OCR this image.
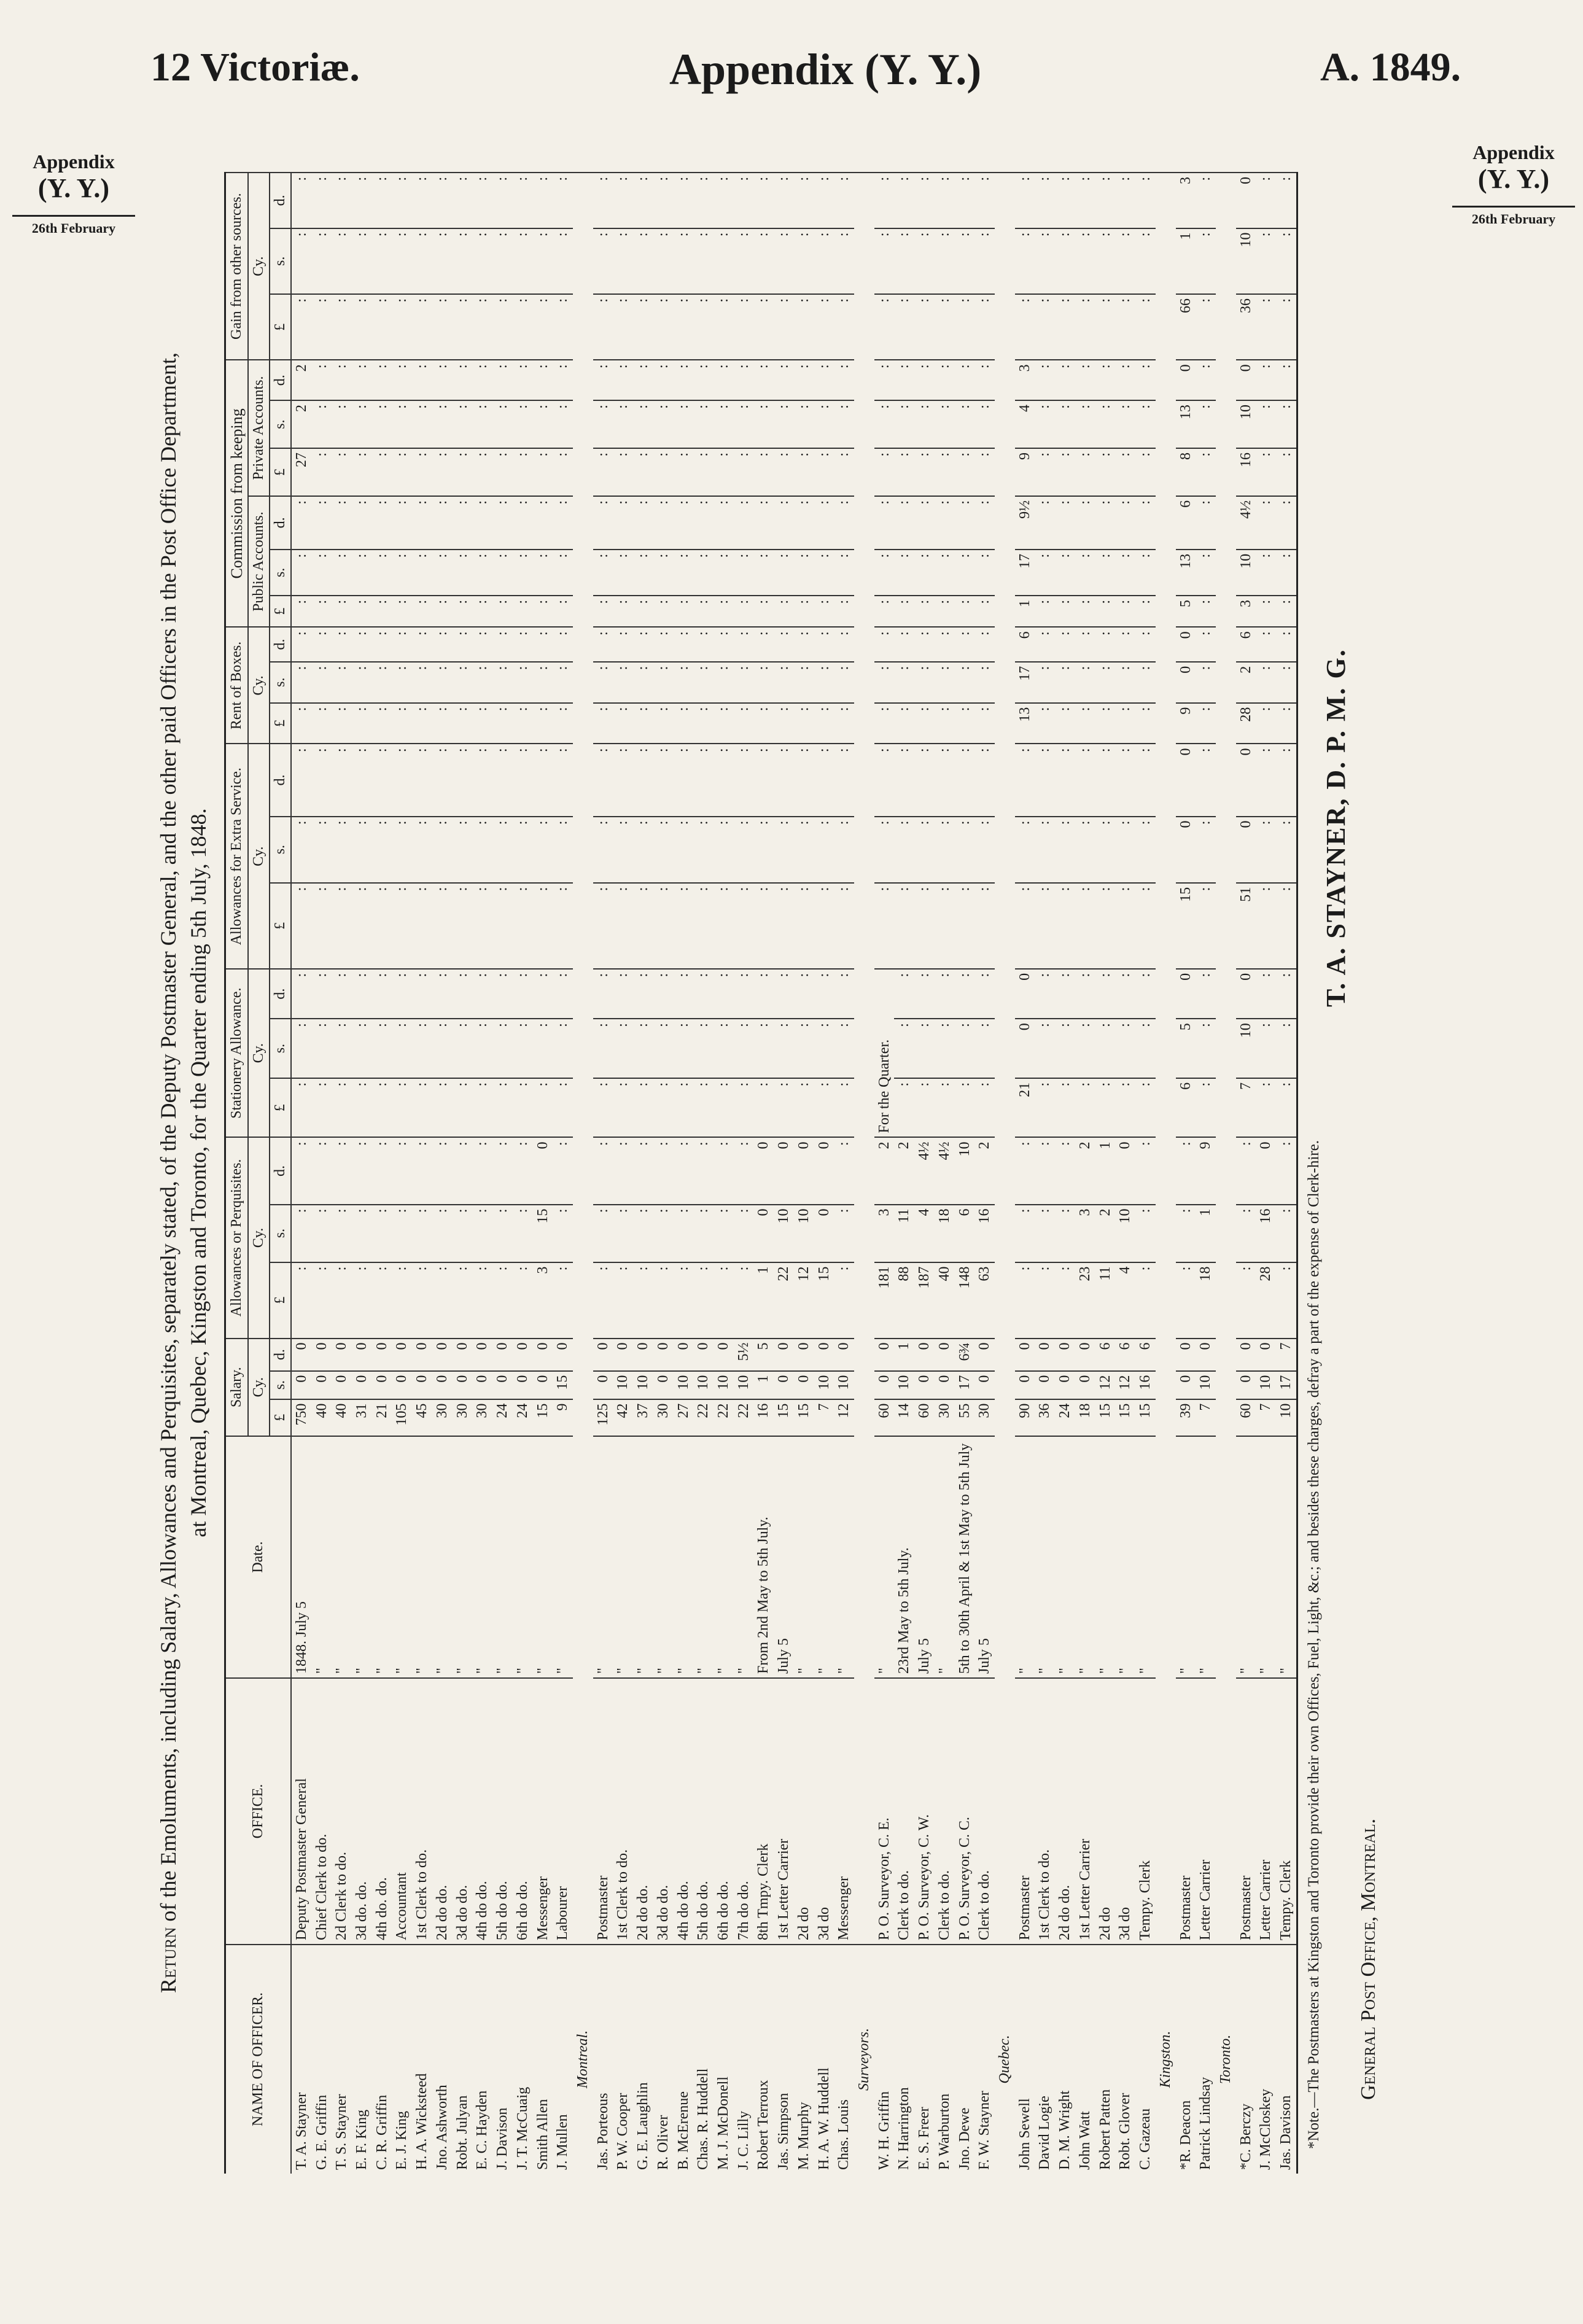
12 Victoriæ.	Appendix (Y. Y.)	A. 1849.
Appendix
(Y. Y.)
26th February
Appendix
(Y. Y.)
26th February
Return of the Emoluments, including Salary, Allowances and Perquisites, separately stated, of the Deputy Postmaster General, and the other paid Officers in the Post Office Department, at Montreal, Quebec, Kingston and Toronto, for the Quarter ending 5th July, 1848.
NAME OF OFFICER.	OFFICE.	Date.	Salary.			Allowances or Perquisites.			Stationery Allowance.			Allowances for Extra Service.			Rent of Boxes.			Commission from keeping						Gain from other sources.		
			Cy.			Cy.			Cy.			Cy.			Cy.			Public Accounts.			Private Accounts.			Cy.		
			£	s.	d.	£	s.	d.	£	s.	d.	£	s.	d.	£	s.	d.	£	s.	d.	£	s.	d.	£	s.	d.
T. A. Stayner	Deputy Postmaster General	1848. July 5	750	0	0	:	:	:	:	:	:	:	:	:	:	:	:	:	:	:	27	2	2	:	:	:
G. E. Griffin	Chief Clerk to do.	"	40	0	0	:	:	:	:	:	:	:	:	:	:	:	:	:	:	:	:	:	:	:	:	:
T. S. Stayner	2d Clerk to do.	"	40	0	0	:	:	:	:	:	:	:	:	:	:	:	:	:	:	:	:	:	:	:	:	:
E. F. King	3d do. do.	"	31	0	0	:	:	:	:	:	:	:	:	:	:	:	:	:	:	:	:	:	:	:	:	:
C. R. Griffin	4th do. do.	"	21	0	0	:	:	:	:	:	:	:	:	:	:	:	:	:	:	:	:	:	:	:	:	:
E. J. King	Accountant	"	105	0	0	:	:	:	:	:	:	:	:	:	:	:	:	:	:	:	:	:	:	:	:	:
H. A. Wicksteed	1st Clerk to do.	"	45	0	0	:	:	:	:	:	:	:	:	:	:	:	:	:	:	:	:	:	:	:	:	:
Jno. Ashworth	2d do do.	"	30	0	0	:	:	:	:	:	:	:	:	:	:	:	:	:	:	:	:	:	:	:	:	:
Robt. Julyan	3d do do.	"	30	0	0	:	:	:	:	:	:	:	:	:	:	:	:	:	:	:	:	:	:	:	:	:
E. C. Hayden	4th do do.	"	30	0	0	:	:	:	:	:	:	:	:	:	:	:	:	:	:	:	:	:	:	:	:	:
J. Davison	5th do do.	"	24	0	0	:	:	:	:	:	:	:	:	:	:	:	:	:	:	:	:	:	:	:	:	:
J. T. McCuaig	6th do do.	"	24	0	0	:	:	:	:	:	:	:	:	:	:	:	:	:	:	:	:	:	:	:	:	:
Smith Allen	Messenger	"	15	0	0	3	15	0	:	:	:	:	:	:	:	:	:	:	:	:	:	:	:	:	:	:
J. Mullen	Labourer	"	9	15	0	:	:	:	:	:	:	:	:	:	:	:	:	:	:	:	:	:	:	:	:	:
Montreal.																										
Jas. Porteous	Postmaster	"	125	0	0	:	:	:	:	:	:	:	:	:	:	:	:	:	:	:	:	:	:	:	:	:
P. W. Cooper	1st Clerk to do.	"	42	10	0	:	:	:	:	:	:	:	:	:	:	:	:	:	:	:	:	:	:	:	:	:
G. E. Laughlin	2d do do.	"	37	10	0	:	:	:	:	:	:	:	:	:	:	:	:	:	:	:	:	:	:	:	:	:
R. Oliver	3d do do.	"	30	0	0	:	:	:	:	:	:	:	:	:	:	:	:	:	:	:	:	:	:	:	:	:
B. McErenue	4th do do.	"	27	10	0	:	:	:	:	:	:	:	:	:	:	:	:	:	:	:	:	:	:	:	:	:
Chas. R. Huddell	5th do do.	"	22	10	0	:	:	:	:	:	:	:	:	:	:	:	:	:	:	:	:	:	:	:	:	:
M. J. McDonell	6th do do.	"	22	10	0	:	:	:	:	:	:	:	:	:	:	:	:	:	:	:	:	:	:	:	:	:
J. C. Lilly	7th do do.	"	22	10	5½	:	:	:	:	:	:	:	:	:	:	:	:	:	:	:	:	:	:	:	:	:
Robert Terroux	8th Tmpy. Clerk	From 2nd May to 5th July.	16	1	5	1	0	0	:	:	:	:	:	:	:	:	:	:	:	:	:	:	:	:	:	:
Jas. Simpson	1st Letter Carrier	July 5	15	0	0	22	10	0	:	:	:	:	:	:	:	:	:	:	:	:	:	:	:	:	:	:
M. Murphy	2d do	"	15	0	0	12	10	0	:	:	:	:	:	:	:	:	:	:	:	:	:	:	:	:	:	:
H. A. W. Huddell	3d do	"	7	10	0	15	0	0	:	:	:	:	:	:	:	:	:	:	:	:	:	:	:	:	:	:
Chas. Louis	Messenger	"	12	10	0	:	:	:	:	:	:	:	:	:	:	:	:	:	:	:	:	:	:	:	:	:
Surveyors.																										
W. H. Griffin	P. O. Surveyor, C. E.	"	60	0	0	181	3	2	For the Quarter.			:	:	:	:	:	:	:	:	:	:	:	:	:	:	:
N. Harrington	Clerk to do.	23rd May to 5th July.	14	10	1	88	11	2	:	:	:	:	:	:	:	:	:	:	:	:	:	:	:	:	:	:
E. S. Freer	P. O. Surveyor, C. W.	July 5	60	0	0	187	4	4½	:	:	:	:	:	:	:	:	:	:	:	:	:	:	:	:	:	:
P. Warburton	Clerk to do.	"	30	0	0	40	18	4½	:	:	:	:	:	:	:	:	:	:	:	:	:	:	:	:	:	:
Jno. Dewe	P. O. Surveyor, C. C.	5th to 30th April & 1st May to 5th July	55	17	6¾	148	6	10	:	:	:	:	:	:	:	:	:	:	:	:	:	:	:	:	:	:
F. W. Stayner	Clerk to do.	July 5	30	0	0	63	16	2	:	:	:	:	:	:	:	:	:	:	:	:	:	:	:	:	:	:
Quebec.																										
John Sewell	Postmaster	"	90	0	0	:	:	:	21	0	0	:	:	:	13	17	6	1	17	9½	9	4	3	:	:	:
David Logie	1st Clerk to do.	"	36	0	0	:	:	:	:	:	:	:	:	:	:	:	:	:	:	:	:	:	:	:	:	:
D. M. Wright	2d do do.	"	24	0	0	:	:	:	:	:	:	:	:	:	:	:	:	:	:	:	:	:	:	:	:	:
John Watt	1st Letter Carrier	"	18	0	0	23	3	2	:	:	:	:	:	:	:	:	:	:	:	:	:	:	:	:	:	:
Robert Patten	2d do	"	15	12	6	11	2	1	:	:	:	:	:	:	:	:	:	:	:	:	:	:	:	:	:	:
Robt. Glover	3d do	"	15	12	6	4	10	0	:	:	:	:	:	:	:	:	:	:	:	:	:	:	:	:	:	:
C. Gazeau	Tempy. Clerk	"	15	16	6	:	:	:	:	:	:	:	:	:	:	:	:	:	:	:	:	:	:	:	:	:
Kingston.																										
*R. Deacon	Postmaster	"	39	0	0	:	:	:	6	5	0	15	0	0	9	0	0	5	13	6	8	13	0	66	1	3
Patrick Lindsay	Letter Carrier	"	7	10	0	18	1	9	:	:	:	:	:	:	:	:	:	:	:	:	:	:	:	:	:	:
Toronto.																										
*C. Berczy	Postmaster	"	60	0	0	:	:	:	7	10	0	51	0	0	28	2	6	3	10	4½	16	10	0	36	10	0
J. McCloskey	Letter Carrier	"	7	10	0	28	16	0	:	:	:	:	:	:	:	:	:	:	:	:	:	:	:	:	:	:
Jas. Davison	Tempy. Clerk	"	10	17	7	:	:	:	:	:	:	:	:	:	:	:	:	:	:	:	:	:	:	:	:	:
*Note.—The Postmasters at Kingston and Toronto provide their own Offices, Fuel, Light, &c.; and besides these charges, defray a part of the expense of Clerk-hire. General Post Office, Montreal.
T. A. STAYNER, D. P. M. G.
